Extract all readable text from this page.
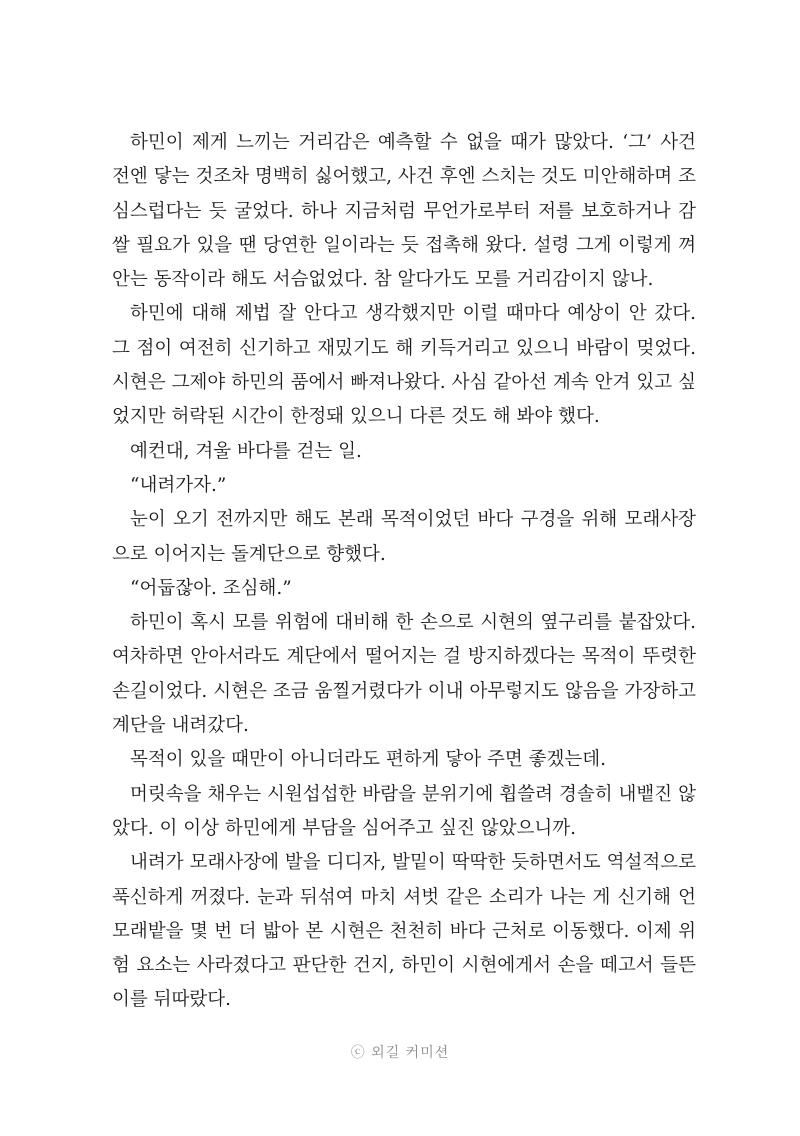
하민이 제게 느끼는 거리감은 예측할 수 없을 때가 많았다. ‘그’ 사건
전엔 닿는 것조차 명백히 싫어했고, 사건 후엔 스치는 것도 미안해하며 조
심스럽다는 듯 굴었다. 하나 지금처럼 무언가로부터 저를 보호하거나 감
쌀 필요가 있을 땐 당연한 일이라는 듯 접촉해 왔다. 설령 그게 이렇게 껴
안는 동작이라 해도 서슴없었다. 참 알다가도 모를 거리감이지 않나.
하민에 대해 제법 잘 안다고 생각했지만 이럴 때마다 예상이 안 갔다.
그 점이 여전히 신기하고 재밌기도 해 키득거리고 있으니 바람이 멎었다.
시현은 그제야 하민의 품에서 빠져나왔다. 사심 같아선 계속 안겨 있고 싶
었지만 허락된 시간이 한정돼 있으니 다른 것도 해 봐야 했다.
예컨대, 겨울 바다를 걷는 일.
“내려가자.”
눈이 오기 전까지만 해도 본래 목적이었던 바다 구경을 위해 모래사장
으로 이어지는 돌계단으로 향했다.
“어둡잖아. 조심해.”
하민이 혹시 모를 위험에 대비해 한 손으로 시현의 옆구리를 붙잡았다.
여차하면 안아서라도 계단에서 떨어지는 걸 방지하겠다는 목적이 뚜렷한
손길이었다. 시현은 조금 움찔거렸다가 이내 아무렇지도 않음을 가장하고
계단을 내려갔다.
목적이 있을 때만이 아니더라도 편하게 닿아 주면 좋겠는데.
머릿속을 채우는 시원섭섭한 바람을 분위기에 휩쓸려 경솔히 내뱉진 않
았다. 이 이상 하민에게 부담을 심어주고 싶진 않았으니까.
내려가 모래사장에 발을 디디자, 발밑이 딱딱한 듯하면서도 역설적으로
푹신하게 꺼졌다. 눈과 뒤섞여 마치 셔벗 같은 소리가 나는 게 신기해 언
모래밭을 몇 번 더 밟아 본 시현은 천천히 바다 근처로 이동했다. 이제 위
험 요소는 사라졌다고 판단한 건지, 하민이 시현에게서 손을 떼고서 들뜬
이를 뒤따랐다.
ⓒ 외길 커미션
